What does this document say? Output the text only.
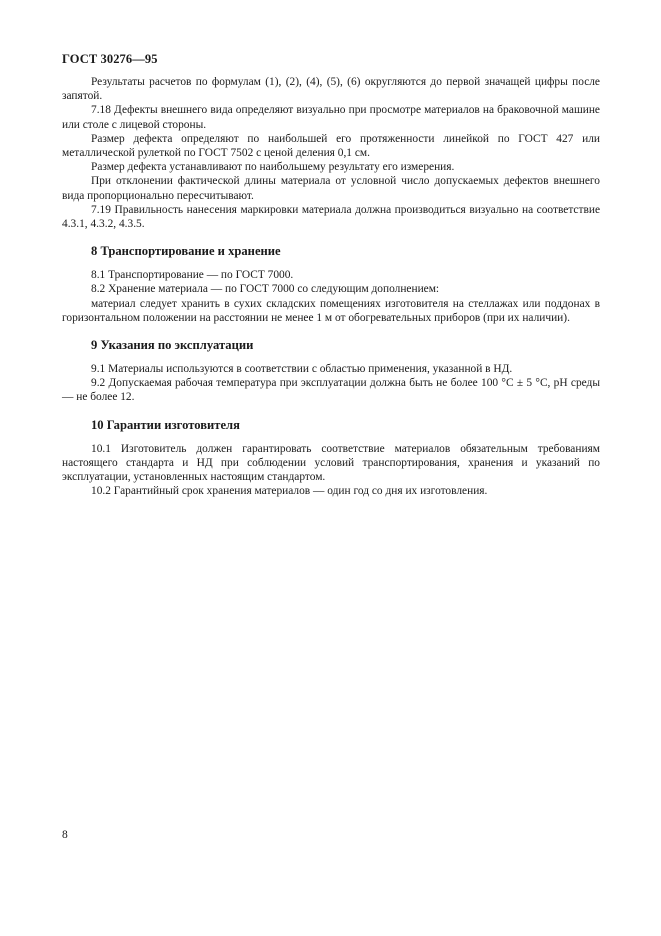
ГОСТ 30276—95

Результаты расчетов по формулам (1), (2), (4), (5), (6) округляются до первой значащей цифры после запятой.

7.18 Дефекты внешнего вида определяют визуально при просмотре материалов на браковочной машине или столе с лицевой стороны.

Размер дефекта определяют по наибольшей его протяженности линейкой по ГОСТ 427 или металлической рулеткой по ГОСТ 7502 с ценой деления 0,1 см.

Размер дефекта устанавливают по наибольшему результату его измерения.

При отклонении фактической длины материала от условной число допускаемых дефектов внешнего вида пропорционально пересчитывают.

7.19 Правильность нанесения маркировки материала должна производиться визуально на соответствие 4.3.1, 4.3.2, 4.3.5.

8 Транспортирование и хранение

8.1 Транспортирование — по ГОСТ 7000.

8.2 Хранение материала — по ГОСТ 7000 со следующим дополнением:

материал следует хранить в сухих складских помещениях изготовителя на стеллажах или поддонах в горизонтальном положении на расстоянии не менее 1 м от обогревательных приборов (при их наличии).

9 Указания по эксплуатации

9.1 Материалы используются в соответствии с областью применения, указанной в НД.

9.2 Допускаемая рабочая температура при эксплуатации должна быть не более 100 °С ± 5 °С, рН среды — не более 12.

10 Гарантии изготовителя

10.1 Изготовитель должен гарантировать соответствие материалов обязательным требованиям настоящего стандарта и НД при соблюдении условий транспортирования, хранения и указаний по эксплуатации, установленных настоящим стандартом.

10.2 Гарантийный срок хранения материалов — один год со дня их изготовления.

8
